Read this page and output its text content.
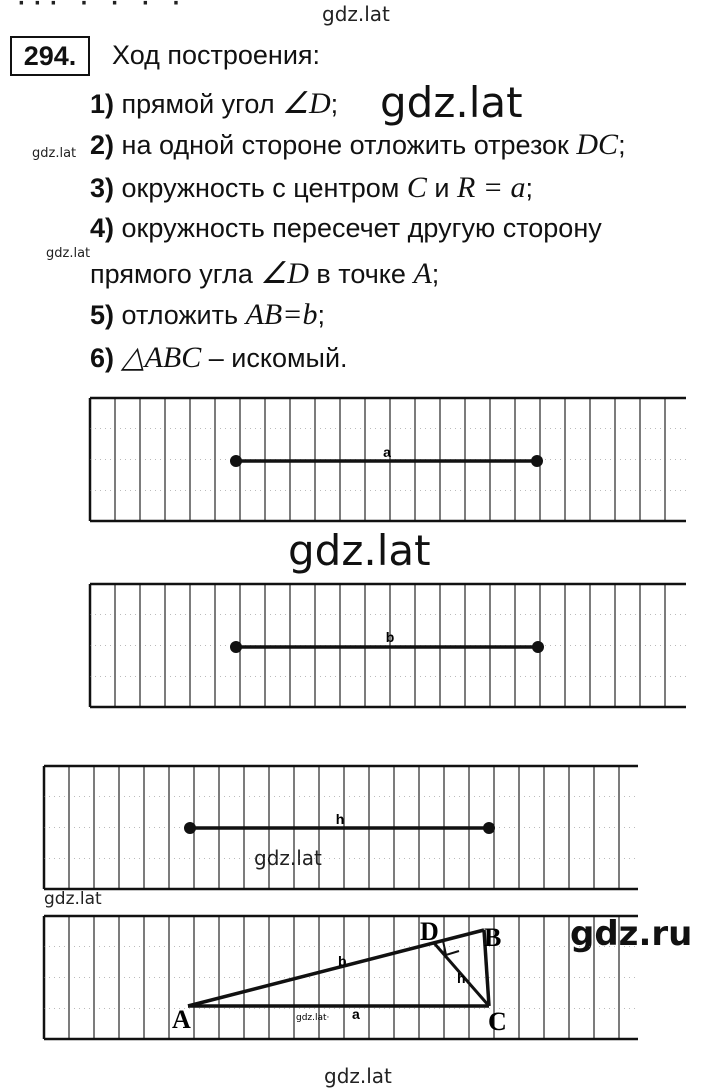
··· · · · ·	gdz.lat
gdz.lat
gdz.lat
gdz.lat
gdz.lat
gdz.lat
gdz.lat
gdz.ru
gdz.lat
294.	Ход построения:
1) прямой угол ∠D;
2) на одной стороне отложить отрезок DC;
3) окружность с центром C и R = a;
4) окружность пересечет другую сторону
прямого угла ∠D в точке A;
5) отложить AB=b;
6) △ABC – искомый.
a
b
h
A
B
C
D
b
a
h
gdz.lat·
